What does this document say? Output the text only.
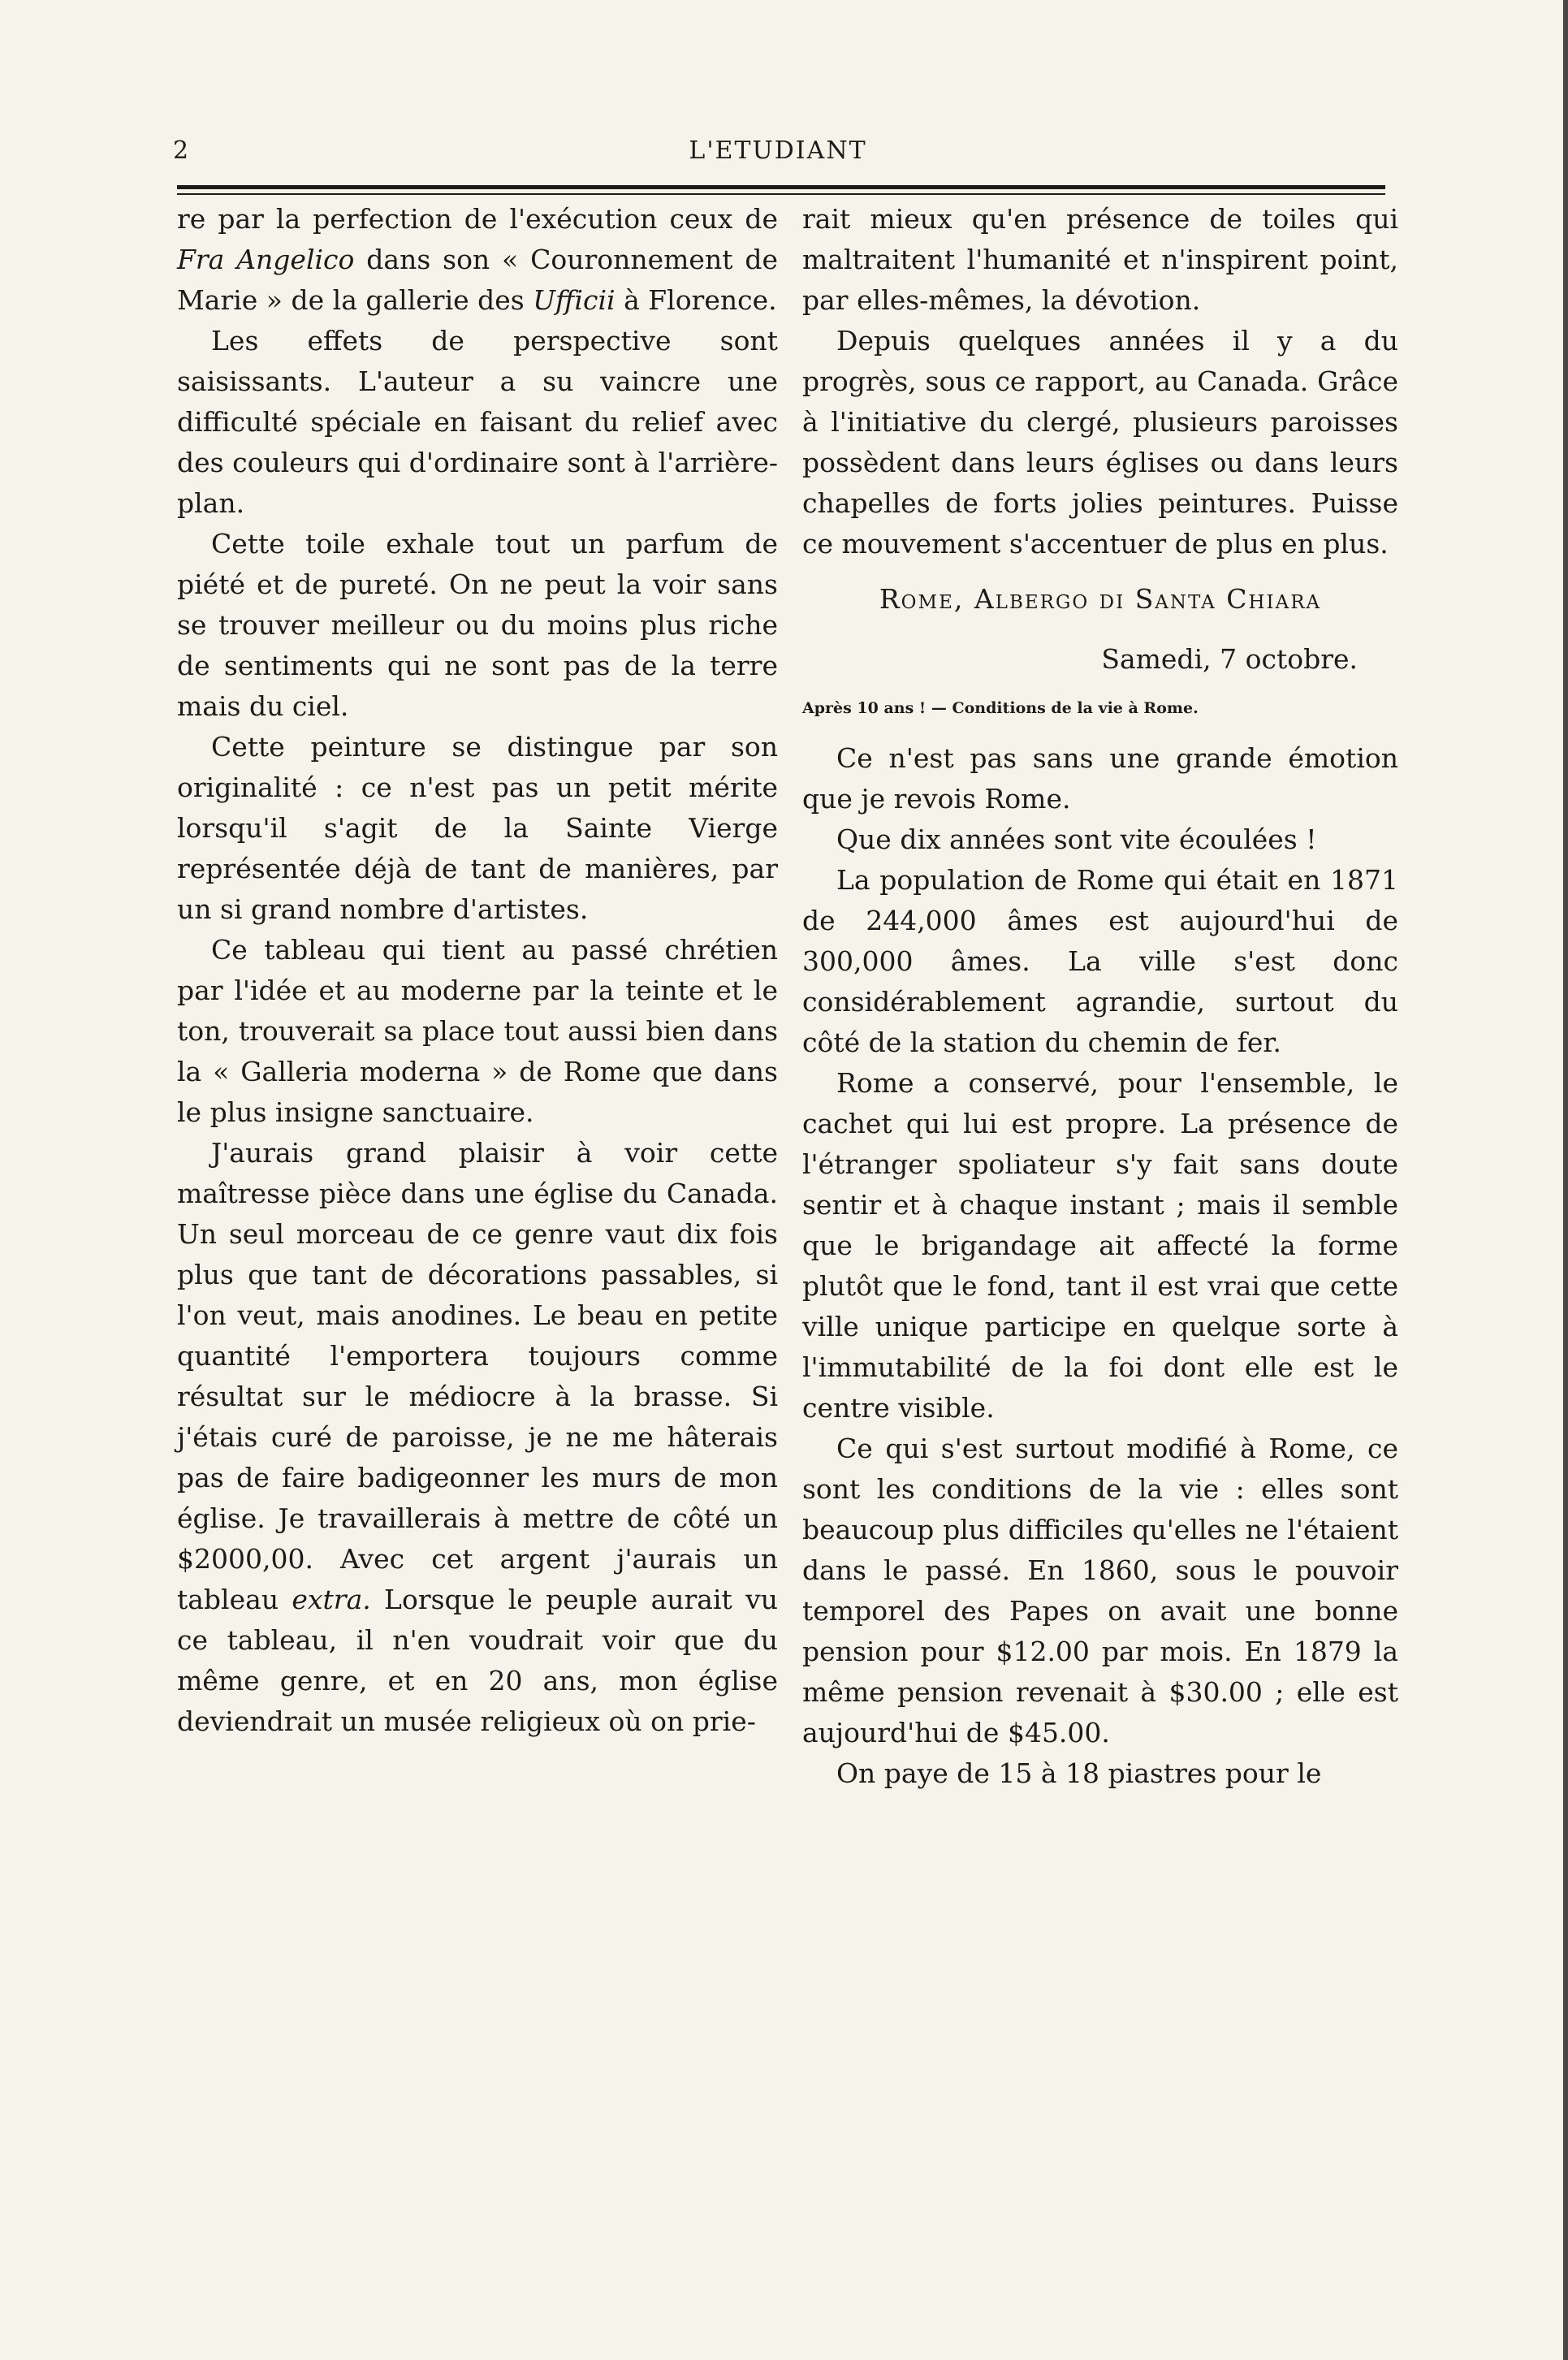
2	L'ETUDIANT

re par la perfection de l'exécution ceux de Fra Angelico dans son « Couronnement de Marie » de la gallerie des Ufficii à Florence.

Les effets de perspective sont saisissants. L'auteur a su vaincre une difficulté spéciale en faisant du relief avec des couleurs qui d'ordinaire sont à l'arrière-plan.

Cette toile exhale tout un parfum de piété et de pureté. On ne peut la voir sans se trouver meilleur ou du moins plus riche de sentiments qui ne sont pas de la terre mais du ciel.

Cette peinture se distingue par son originalité : ce n'est pas un petit mérite lorsqu'il s'agit de la Sainte Vierge représentée déjà de tant de manières, par un si grand nombre d'artistes.

Ce tableau qui tient au passé chrétien par l'idée et au moderne par la teinte et le ton, trouverait sa place tout aussi bien dans la « Galleria moderna » de Rome que dans le plus insigne sanctuaire.

J'aurais grand plaisir à voir cette maîtresse pièce dans une église du Canada. Un seul morceau de ce genre vaut dix fois plus que tant de décorations passables, si l'on veut, mais anodines. Le beau en petite quantité l'emportera toujours comme résultat sur le médiocre à la brasse. Si j'étais curé de paroisse, je ne me hâterais pas de faire badigeonner les murs de mon église. Je travaillerais à mettre de côté un $2000,00. Avec cet argent j'aurais un tableau extra. Lorsque le peuple aurait vu ce tableau, il n'en voudrait voir que du même genre, et en 20 ans, mon église deviendrait un musée religieux où on prie-

rait mieux qu'en présence de toiles qui maltraitent l'humanité et n'inspirent point, par elles-mêmes, la dévotion.

Depuis quelques années il y a du progrès, sous ce rapport, au Canada. Grâce à l'initiative du clergé, plusieurs paroisses possèdent dans leurs églises ou dans leurs chapelles de forts jolies peintures. Puisse ce mouvement s'accentuer de plus en plus.

Rome, Albergo di Santa Chiara

Samedi, 7 octobre.

Après 10 ans ! — Conditions de la vie à Rome.

Ce n'est pas sans une grande émotion que je revois Rome.

Que dix années sont vite écoulées !

La population de Rome qui était en 1871 de 244,000 âmes est aujourd'hui de 300,000 âmes. La ville s'est donc considérablement agrandie, surtout du côté de la station du chemin de fer.

Rome a conservé, pour l'ensemble, le cachet qui lui est propre. La présence de l'étranger spoliateur s'y fait sans doute sentir et à chaque instant ; mais il semble que le brigandage ait affecté la forme plutôt que le fond, tant il est vrai que cette ville unique participe en quelque sorte à l'immutabilité de la foi dont elle est le centre visible.

Ce qui s'est surtout modifié à Rome, ce sont les conditions de la vie : elles sont beaucoup plus difficiles qu'elles ne l'étaient dans le passé. En 1860, sous le pouvoir temporel des Papes on avait une bonne pension pour $12.00 par mois. En 1879 la même pension revenait à $30.00 ; elle est aujourd'hui de $45.00.

On paye de 15 à 18 piastres pour le
